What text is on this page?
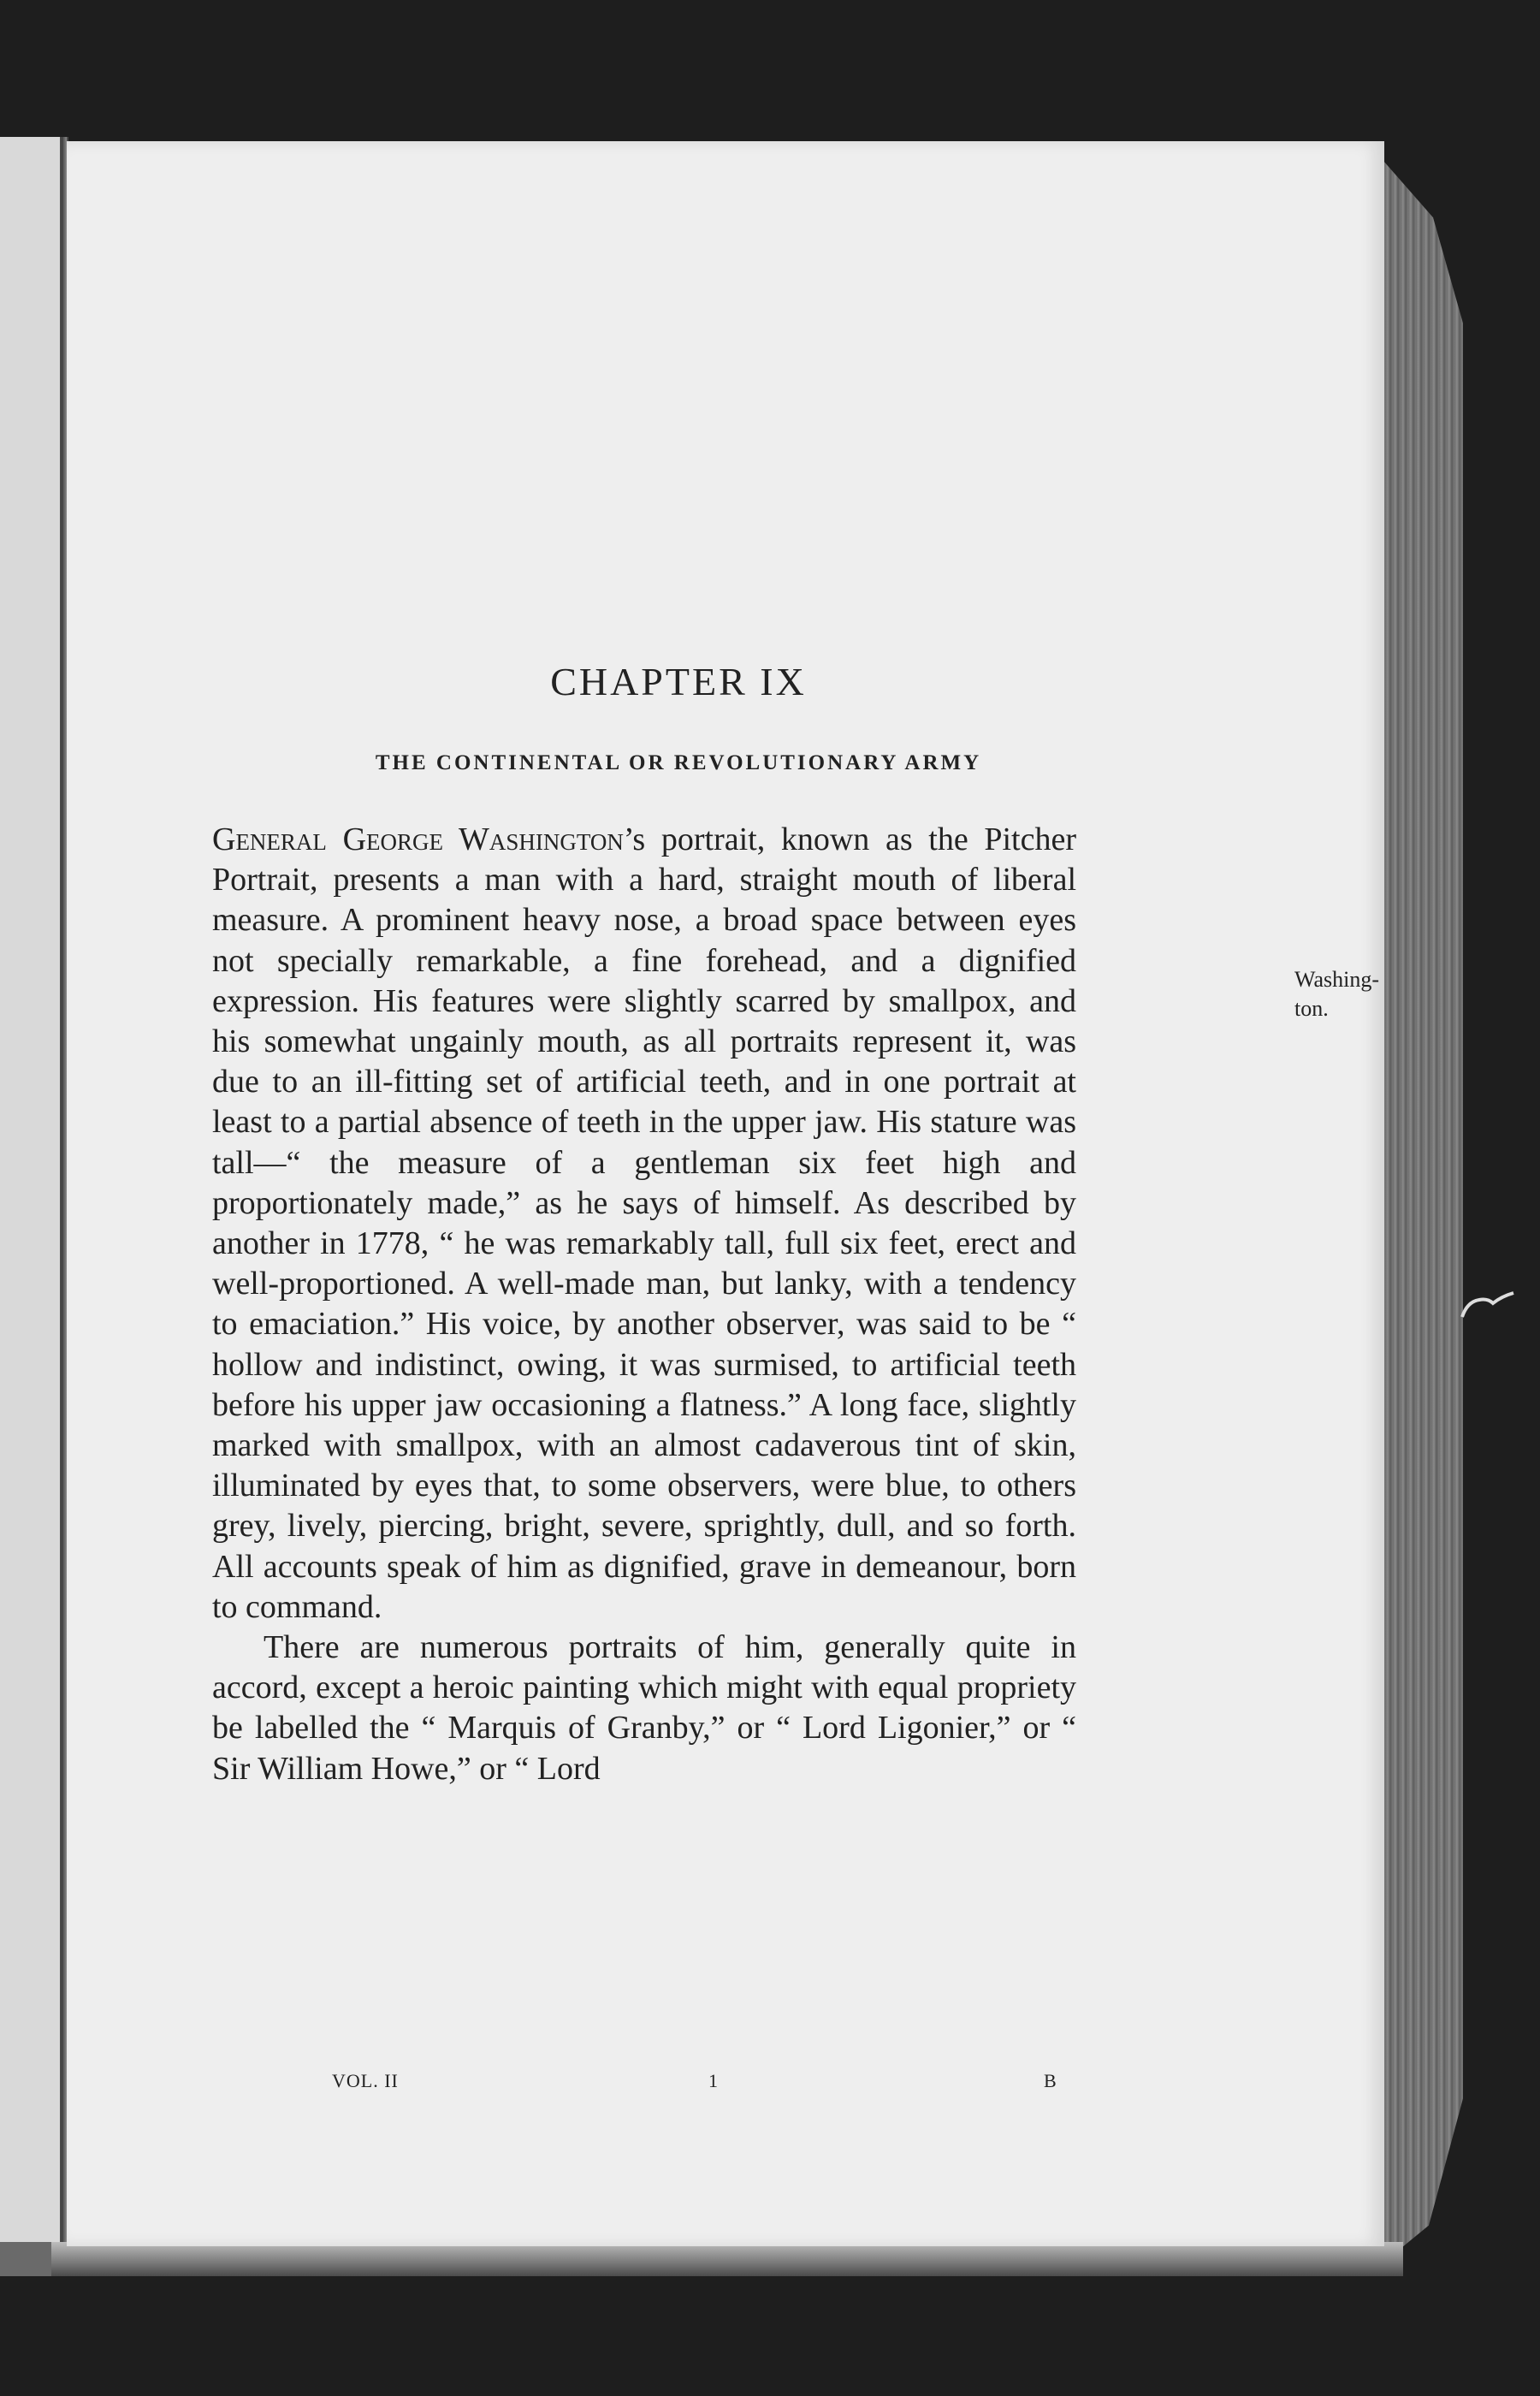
CHAPTER IX
THE CONTINENTAL OR REVOLUTIONARY ARMY

General George Washington’s portrait, known as the Pitcher Portrait, presents a man with a hard, straight mouth of liberal measure. A prominent heavy nose, a broad space between eyes not specially remarkable, a fine forehead, and a dignified expression. His features were slightly scarred by smallpox, and his somewhat ungainly mouth, as all portraits represent it, was due to an ill-fitting set of artificial teeth, and in one portrait at least to a partial absence of teeth in the upper jaw. His stature was tall—“ the measure of a gentleman six feet high and proportionately made,” as he says of himself. As described by another in 1778, “ he was remarkably tall, full six feet, erect and well-proportioned. A well-made man, but lanky, with a tendency to emaciation.” His voice, by another observer, was said to be “ hollow and indistinct, owing, it was surmised, to artificial teeth before his upper jaw occasioning a flatness.” A long face, slightly marked with smallpox, with an almost cadaverous tint of skin, illuminated by eyes that, to some observers, were blue, to others grey, lively, piercing, bright, severe, sprightly, dull, and so forth. All accounts speak of him as dignified, grave in demeanour, born to command.

There are numerous portraits of him, generally quite in accord, except a heroic painting which might with equal propriety be labelled the “ Marquis of Granby,” or “ Lord Ligonier,” or “ Sir William Howe,” or “ Lord

Washing-
ton.
VOL. II	1	B
